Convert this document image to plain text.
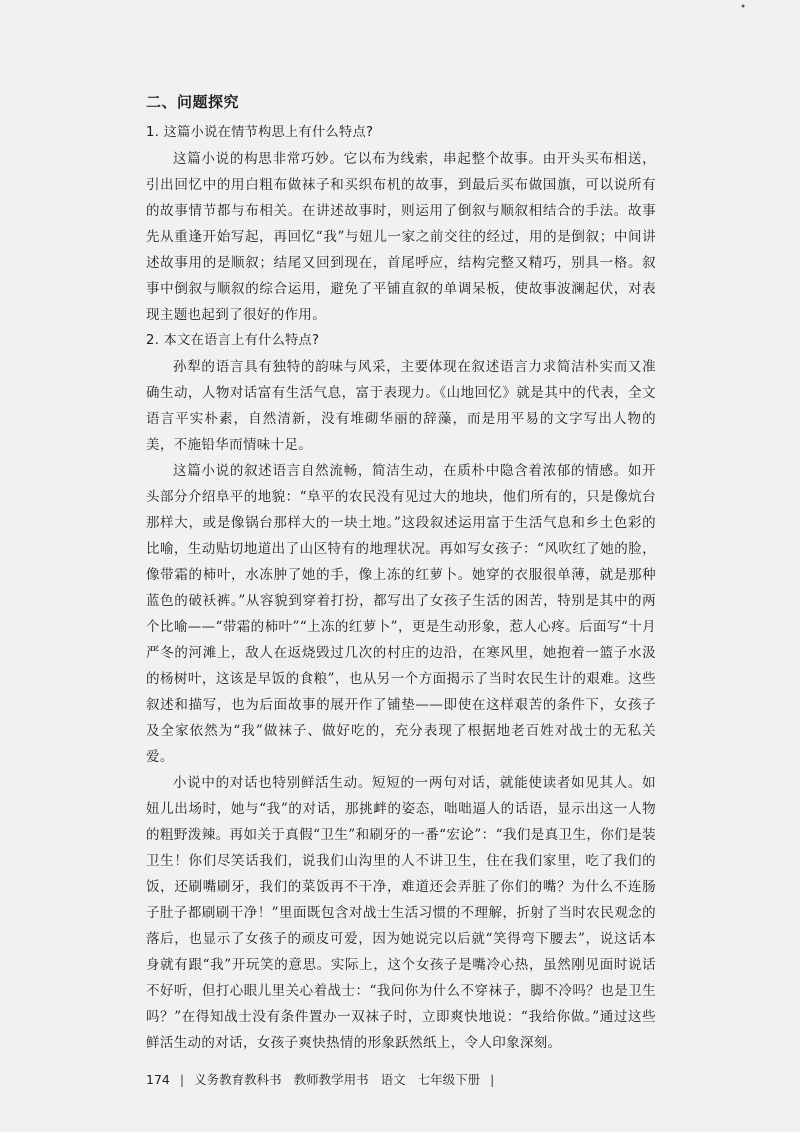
•
二、问题探究

1. 这篇小说在情节构思上有什么特点?

这篇小说的构思非常巧妙。它以布为线索，串起整个故事。由开头买布相送，引出回忆中的用白粗布做袜子和买织布机的故事，到最后买布做国旗，可以说所有的故事情节都与布相关。在讲述故事时，则运用了倒叙与顺叙相结合的手法。故事先从重逢开始写起，再回忆“我”与妞儿一家之前交往的经过，用的是倒叙；中间讲述故事用的是顺叙；结尾又回到现在，首尾呼应，结构完整又精巧，别具一格。叙事中倒叙与顺叙的综合运用，避免了平铺直叙的单调呆板，使故事波澜起伏，对表现主题也起到了很好的作用。

2. 本文在语言上有什么特点?

孙犁的语言具有独特的韵味与风采，主要体现在叙述语言力求简洁朴实而又准确生动，人物对话富有生活气息，富于表现力。《山地回忆》就是其中的代表，全文语言平实朴素，自然清新，没有堆砌华丽的辞藻，而是用平易的文字写出人物的美，不施铅华而情味十足。

这篇小说的叙述语言自然流畅，简洁生动，在质朴中隐含着浓郁的情感。如开头部分介绍阜平的地貌：“阜平的农民没有见过大的地块，他们所有的，只是像炕台那样大，或是像锅台那样大的一块土地。”这段叙述运用富于生活气息和乡土色彩的比喻，生动贴切地道出了山区特有的地理状况。再如写女孩子：“风吹红了她的脸，像带霜的柿叶，水冻肿了她的手，像上冻的红萝卜。她穿的衣服很单薄，就是那种蓝色的破袄裤。”从容貌到穿着打扮，都写出了女孩子生活的困苦，特别是其中的两个比喻——“带霜的柿叶”“上冻的红萝卜”，更是生动形象，惹人心疼。后面写“十月严冬的河滩上，敌人在返烧毁过几次的村庄的边沿，在寒风里，她抱着一篮子水汲的杨树叶，这该是早饭的食粮”，也从另一个方面揭示了当时农民生计的艰难。这些叙述和描写，也为后面故事的展开作了铺垫——即使在这样艰苦的条件下，女孩子及全家依然为“我”做袜子、做好吃的，充分表现了根据地老百姓对战士的无私关爱。

小说中的对话也特别鲜活生动。短短的一两句对话，就能使读者如见其人。如妞儿出场时，她与“我”的对话，那挑衅的姿态，咄咄逼人的话语，显示出这一人物的粗野泼辣。再如关于真假“卫生”和刷牙的一番“宏论”：“我们是真卫生，你们是装卫生！你们尽笑话我们，说我们山沟里的人不讲卫生，住在我们家里，吃了我们的饭，还刷嘴刷牙，我们的菜饭再不干净，难道还会弄脏了你们的嘴？为什么不连肠子肚子都刷刷干净！”里面既包含对战士生活习惯的不理解，折射了当时农民观念的落后，也显示了女孩子的顽皮可爱，因为她说完以后就“笑得弯下腰去”，说这话本身就有跟“我”开玩笑的意思。实际上，这个女孩子是嘴冷心热，虽然刚见面时说话不好听，但打心眼儿里关心着战士：“我问你为什么不穿袜子，脚不冷吗？也是卫生吗？”在得知战士没有条件置办一双袜子时，立即爽快地说：“我给你做。”通过这些鲜活生动的对话，女孩子爽快热情的形象跃然纸上，令人印象深刻。

174 | 义务教育教科书 教师教学用书 语文 七年级下册 |
